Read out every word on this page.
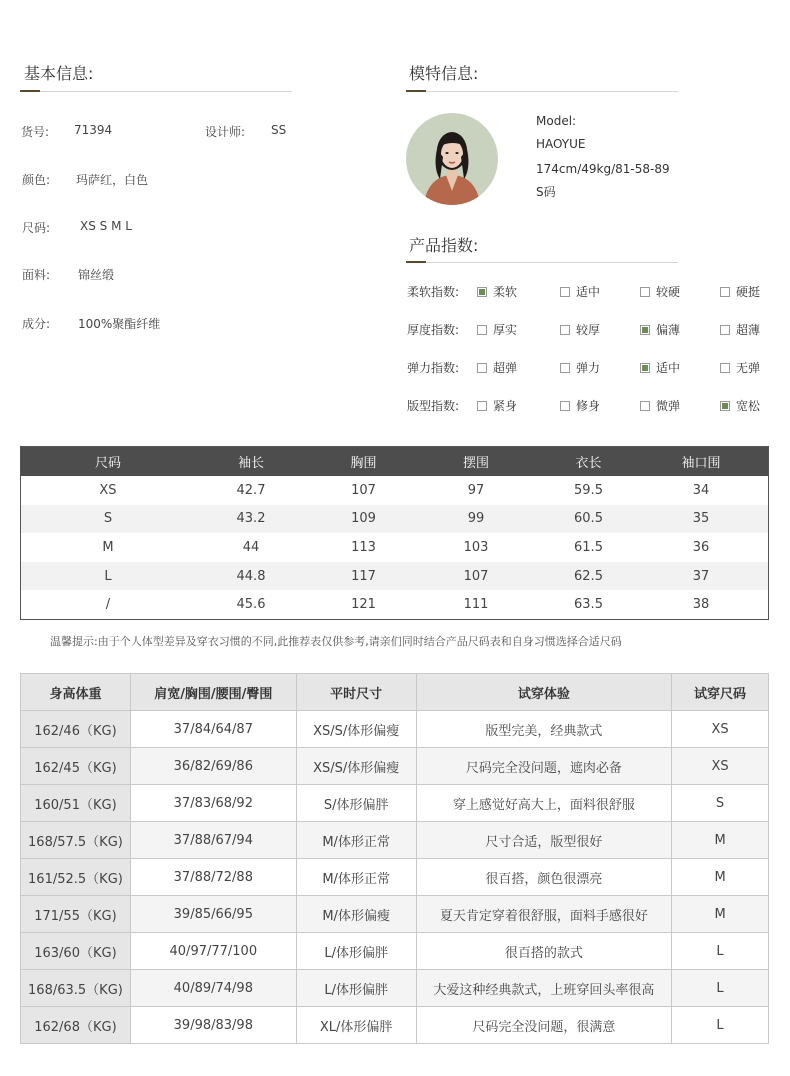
基本信息:
货号: 71394	设计师: SS
颜色: 玛萨红，白色
尺码: XS S M L
面料: 锦丝缎
成分: 100%聚酯纤维
模特信息:
Model:
HAOYUE
174cm/49kg/81-58-89
S码
产品指数:
柔软指数:	柔软	适中	较硬	硬挺
厚度指数:	厚实	较厚	偏薄	超薄
弹力指数:	超弹	弹力	适中	无弹
版型指数:	紧身	修身	微弹	宽松
尺码	袖长	胸围	摆围	衣长	袖口围
XS	42.7	107	97	59.5	34
S	43.2	109	99	60.5	35
M	44	113	103	61.5	36
L	44.8	117	107	62.5	37
/	45.6	121	111	63.5	38
温馨提示:由于个人体型差异及穿衣习惯的不同,此推荐表仅供参考,请亲们同时结合产品尺码表和自身习惯选择合适尺码
身高体重	肩宽/胸围/腰围/臀围	平时尺寸	试穿体验	试穿尺码
162/46（KG)	37/84/64/87	XS/S/体形偏瘦	版型完美，经典款式	XS
162/45（KG)	36/82/69/86	XS/S/体形偏瘦	尺码完全没问题，遮肉必备	XS
160/51（KG)	37/83/68/92	S/体形偏胖	穿上感觉好高大上，面料很舒服	S
168/57.5（KG)	37/88/67/94	M/体形正常	尺寸合适，版型很好	M
161/52.5（KG)	37/88/72/88	M/体形正常	很百搭，颜色很漂亮	M
171/55（KG)	39/85/66/95	M/体形偏瘦	夏天肯定穿着很舒服，面料手感很好	M
163/60（KG)	40/97/77/100	L/体形偏胖	很百搭的款式	L
168/63.5（KG)	40/89/74/98	L/体形偏胖	大爱这种经典款式，上班穿回头率很高	L
162/68（KG)	39/98/83/98	XL/体形偏胖	尺码完全没问题，很满意	L
